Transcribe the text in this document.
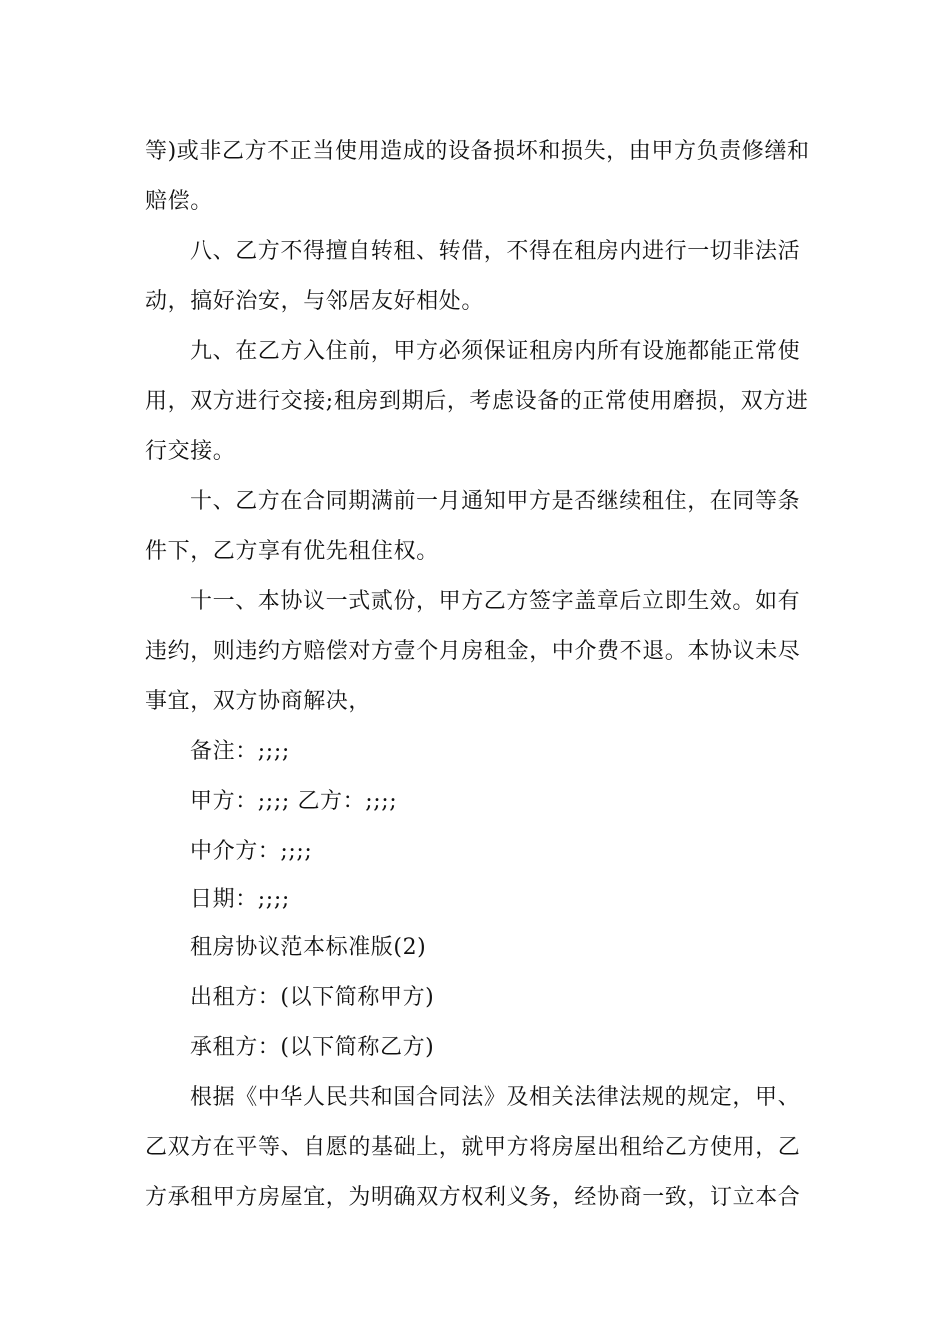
等)或非乙方不正当使用造成的设备损坏和损失，由甲方负责修缮和
赔偿。
八、乙方不得擅自转租、转借，不得在租房内进行一切非法活
动，搞好治安，与邻居友好相处。
九、在乙方入住前，甲方必须保证租房内所有设施都能正常使
用，双方进行交接;租房到期后，考虑设备的正常使用磨损，双方进
行交接。
十、乙方在合同期满前一月通知甲方是否继续租住，在同等条
件下，乙方享有优先租住权。
十一、本协议一式贰份，甲方乙方签字盖章后立即生效。如有
违约，则违约方赔偿对方壹个月房租金，中介费不退。本协议未尽
事宜，双方协商解决，
备注：;;;;
甲方：;;;; 乙方：;;;;
中介方：;;;;
日期：;;;;
租房协议范本标准版(2)
出租方：(以下简称甲方)
承租方：(以下简称乙方)
根据《中华人民共和国合同法》及相关法律法规的规定，甲、
乙双方在平等、自愿的基础上，就甲方将房屋出租给乙方使用，乙
方承租甲方房屋宜，为明确双方权利义务，经协商一致，订立本合
